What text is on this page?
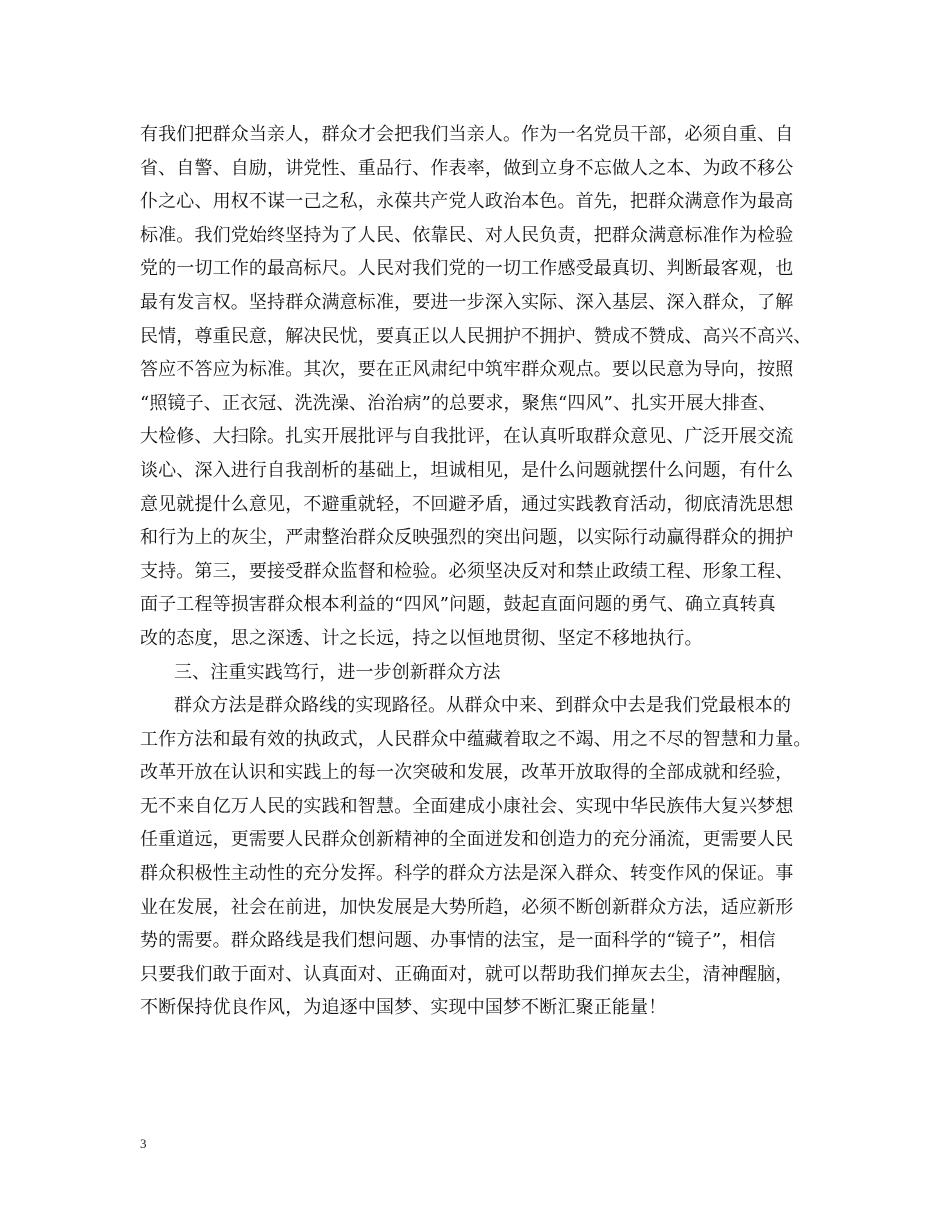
有我们把群众当亲人，群众才会把我们当亲人。作为一名党员干部，必须自重、自
省、自警、自励，讲党性、重品行、作表率，做到立身不忘做人之本、为政不移公
仆之心、用权不谋一己之私，永葆共产党人政治本色。首先，把群众满意作为最高
标准。我们党始终坚持为了人民、依靠民、对人民负责，把群众满意标准作为检验
党的一切工作的最高标尺。人民对我们党的一切工作感受最真切、判断最客观，也
最有发言权。坚持群众满意标准，要进一步深入实际、深入基层、深入群众，了解
民情，尊重民意，解决民忧，要真正以人民拥护不拥护、赞成不赞成、高兴不高兴、
答应不答应为标准。其次，要在正风肃纪中筑牢群众观点。要以民意为导向，按照
“照镜子、正衣冠、洗洗澡、治治病”的总要求，聚焦“四风”、扎实开展大排查、
大检修、大扫除。扎实开展批评与自我批评，在认真听取群众意见、广泛开展交流
谈心、深入进行自我剖析的基础上，坦诚相见，是什么问题就摆什么问题，有什么
意见就提什么意见，不避重就轻，不回避矛盾，通过实践教育活动，彻底清洗思想
和行为上的灰尘，严肃整治群众反映强烈的突出问题，以实际行动赢得群众的拥护
支持。第三，要接受群众监督和检验。必须坚决反对和禁止政绩工程、形象工程、
面子工程等损害群众根本利益的“四风”问题，鼓起直面问题的勇气、确立真转真
改的态度，思之深透、计之长远，持之以恒地贯彻、坚定不移地执行。
三、注重实践笃行，进一步创新群众方法
群众方法是群众路线的实现路径。从群众中来、到群众中去是我们党最根本的
工作方法和最有效的执政式，人民群众中蕴藏着取之不竭、用之不尽的智慧和力量。
改革开放在认识和实践上的每一次突破和发展，改革开放取得的全部成就和经验，
无不来自亿万人民的实践和智慧。全面建成小康社会、实现中华民族伟大复兴梦想
任重道远，更需要人民群众创新精神的全面迸发和创造力的充分涌流，更需要人民
群众积极性主动性的充分发挥。科学的群众方法是深入群众、转变作风的保证。事
业在发展，社会在前进，加快发展是大势所趋，必须不断创新群众方法，适应新形
势的需要。群众路线是我们想问题、办事情的法宝，是一面科学的“镜子”，相信
只要我们敢于面对、认真面对、正确面对，就可以帮助我们掸灰去尘，清神醒脑，
不断保持优良作风，为追逐中国梦、实现中国梦不断汇聚正能量！
3
